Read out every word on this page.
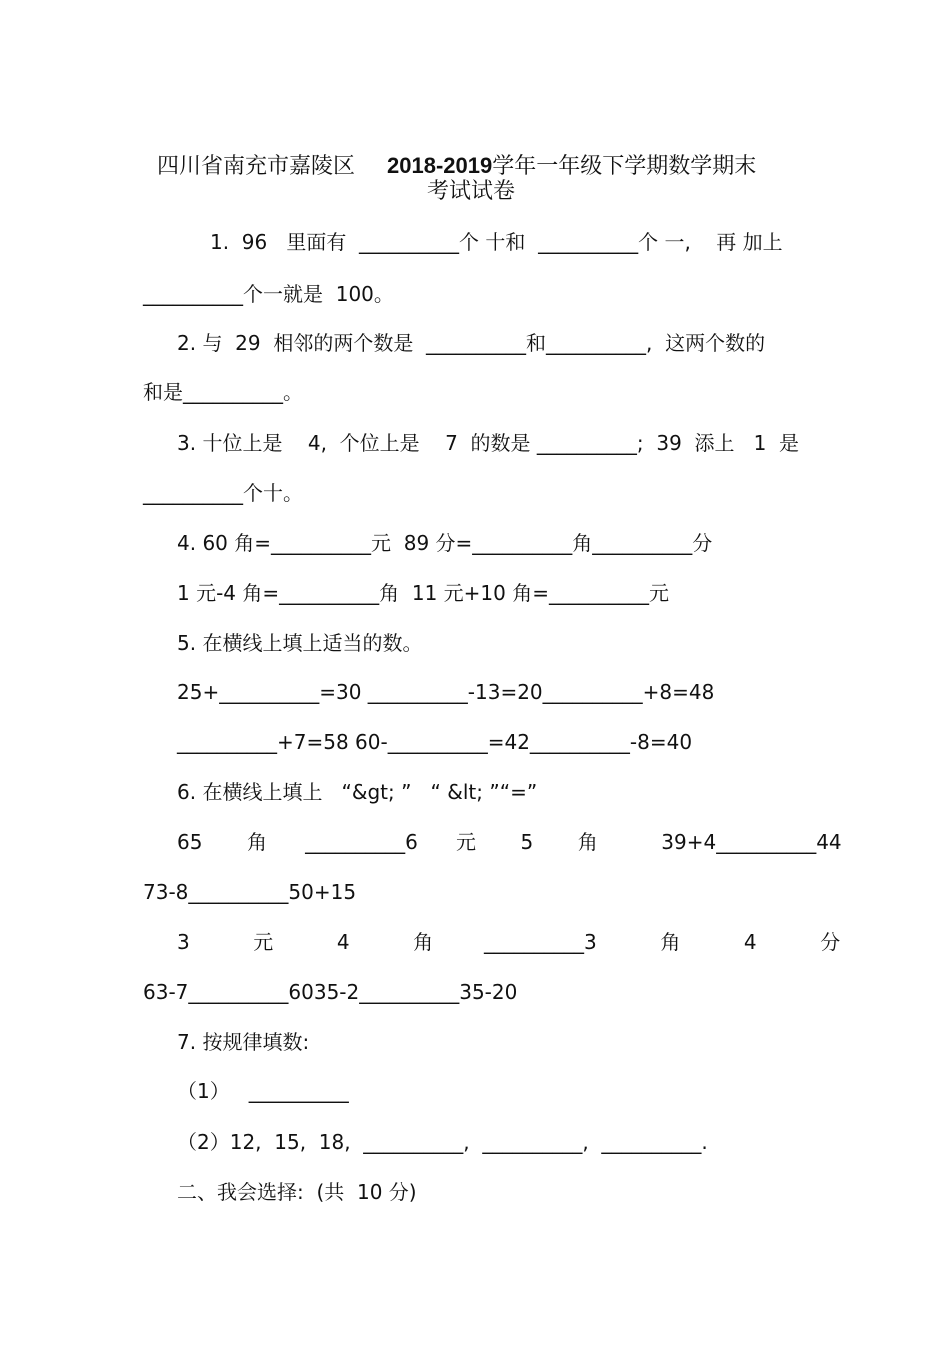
四川省南充市嘉陵区 2018-2019学年一年级下学期数学期末

考试试卷
1.  96   里面有  __________个 十和  __________个 一,    再 加上
__________个一就是  100。
2. 与  29  相邻的两个数是  __________和__________,  这两个数的
和是__________。
3. 十位上是    4,  个位上是    7  的数是 __________;  39  添上   1  是
__________个十。
4. 60 角=__________元  89 分=__________角__________分
1 元-4 角=__________角  11 元+10 角=__________元
5. 在横线上填上适当的数。
25+__________=30 __________-13=20__________+8=48
__________+7=58 60-__________=42__________-8=40
6. 在横线上填上   “&gt; ”   “ &lt; ”“=”
65       角      __________6      元       5       角          39+4__________44
73-8__________50+15
3          元          4          角        __________3          角          4          分
63-7__________6035-2__________35-20
7. 按规律填数:
（1）   __________
（2）12,  15,  18,  __________,  __________,  __________.
二、我会选择:  (共  10 分)
